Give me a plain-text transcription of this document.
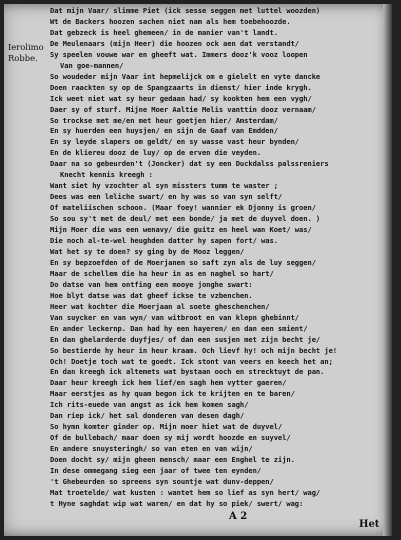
Ierolimo
Robbe.
Dat mijn Vaar/ slimme Piet (ick sesse seggen met luttel woozden)
Wt de Backers hoozen sachen niet nam als hem toebehoozde.
Dat gebzeck is heel ghemeen/ in de manier van't landt.
De Meulenaars (mijn Heer) die hoozen ock aen dat verstandt/
Sy speelen vouwe war en gheeft wat. Immers dooz'k vooz loopen
Van goe-mannen/
So woudeder mijn Vaar int hepmelijck om e gielelt en vyte dancke
Doen raackten sy op de Spangzaarts in dienst/ hier inde krygh.
Ick weet niet wat sy heur gedaan had/ sy kookten hem een vygh/
Daer sy of sturf. Mijne Moer Aaltie Melis vanttin dooz vernaam/
So trockse met me/en met heur goetjen hier/ Amsterdam/
En sy huerden een huysjen/ en sijn de Gaaf van Emdden/
En sy leyde slapers om geldt/ en sy wasse vast heur bynden/
En de kliereu dooz de luy/ op de erven die veyden.
Daar na so gebeurden't (Joncker) dat sy een Duckdalss palssreniers
Knecht kennis kreegh :
Want siet hy vzochter al syn missters tumm te waster ;
Dees was een leliche swart/ en hy was so van syn selft/
Of mateliischen schoon. (Maar foey! wannier ek Djonny is groen/
So sou sy't met de deul/ met een bonde/ ja met de duyvel doen. )
Mijn Moer die was een wenavy/ die guitz en heel wan Koet/ was/
Die noch al-te-wel heughden datter hy sapen fort/ was.
Wat het sy te doen? sy ging by de Mooz leggen/
En sy bepzoefden of de Moerjanen so saft zyn als de luy seggen/
Maar de schellem die ha heur in as en naghel so hart/
Do datse van hem ontfing een mooye jonghe swart:
Hoe blyt datse was dat gheef ickse te vzbenchen.
Heer wat kochter die Moerjaan al soete gheschenchen/
Van suycker en van wyn/ van witbroot en van klepn ghebinnt/
En ander leckernp. Dan had hy een hayeren/ en dan een smient/
En dan ghelarderde duyfjes/ of dan een susjen met zijn becht je/
So bestierde hy heur in heur kraam. Och lievf hy! och mijn becht je!
Och! Doetje toch wat te goedt. Ick stont van veers en keech het an;
En dan kreegh ick altemets wat bystaan ooch en strecktuyt de pan.
Daar heur kreegh ick hem lief/en sagh hem vytter gaeren/
Maar eerstjes as hy quam begon ick te krijten en te baren/
Ich rits-euede van angst as ick hem komen sagh/
Dan riep ick/ het sal donderen van desen dagh/
So hymn komter ginder op. Mijn moer hiet wat de duyvel/
Of de bullebach/ maar doen sy mij wordt hoozde en suyvel/
En andere snuysteringh/ so van eten en van wijn/
Doen docht sy/ mijn gheen mensch/ maar een Enghel te zijn.
In dese ommegang sieg een jaar of twee ten eynden/
't Ghebeurden so spreens syn sountje wat dunv-deppen/
Mat troetelde/ wat kusten : wantet hem so lief as syn hert/ wag/
t Hyne saghdat wip wat waren/ en dat hy so piek/ swert/ wag:
A 2
Het
